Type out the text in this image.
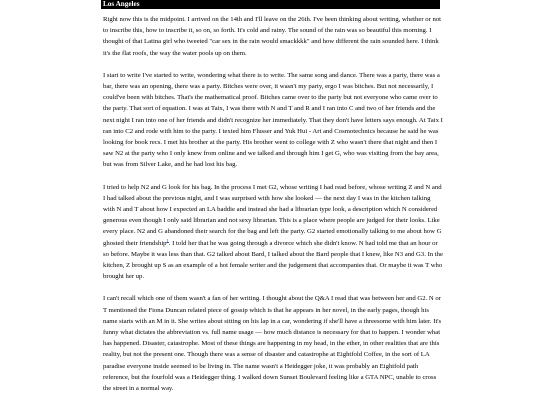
Los Angeles

Right now this is the midpoint. I arrived on the 14th and I'll leave on the 26th. I've been thinking about writing, whether or not to inscribe this, how to inscribe it, so on, so forth. It's cold and rainy. The sound of the rain was so beautiful this morning. I thought of that Latina girl who tweeted "car sex in the rain would smackkkk" and how different the rain sounded here. I think it's the flat roofs, the way the water pools up on them.

I start to write I've started to write, wondering what there is to write. The same song and dance. There was a party, there was a bar, there was an opening, there was a party. Bitches were over, it wasn't my party, ergo I was bitches. But not necessarily, I could've been with bitches. That's the mathematical proof. Bitches came over to the party but not everyone who came over to the party. That sort of equation. I was at Taix, I was there with N and T and R and I ran into C and two of her friends and the next night I ran into one of her friends and didn't recognize her immediately. That they don't have letters says enough. At Taix I ran into C2 and rode with him to the party. I texted him Flusser and Yuk Hui - Art and Cosmotechnics because he said he was looking for book recs. I met his brother at the party. His brother went to college with Z who wasn't there that night and then I saw N2 at the party who I only knew from online and we talked and through him I get G, who was visiting from the bay area, but was from Silver Lake, and he had lost his bag.

I tried to help N2 and G look for his bag. In the process I met G2, whose writing I had read before, whose writing Z and N and I had talked about the previous night, and I was surprised with how she looked — the next day I was in the kitchen talking with N and T about how I expected an LA baddie and instead she had a librarian type look, a description which N considered generous even though I only said librarian and not sexy librarian. This is a place where people are judged for their looks. Like every place. N2 and G abandoned their search for the bag and left the party. G2 started emotionally talking to me about how G ghosted their friendship$^1$. I told her that he was going through a divorce which she didn't know. N had told me that an hour or so before. Maybe it was less than that. G2 talked about Bard, I talked about the Bard people that I knew, like N3 and G3. In the kitchen, Z brought up S as an example of a hot female writer and the judgement that accompanies that. Or maybe it was T who brought her up.

I can't recall which one of them wasn't a fan of her writing. I thought about the Q&A I read that was between her and G2. N or T mentioned the Fiona Duncan related piece of gossip which is that he appears in her novel, in the early pages, though his name starts with an M in it. She writes about sitting on his lap in a car, wondering if she'll have a threesome with him later. It's funny what dictates the abbreviation vs. full name usage — how much distance is necessary for that to happen. I wonder what has happened. Disaster, catastrophe. Most of these things are happening in my head, in the ether, in other realities that are this reality, but not the present one. Though there was a sense of disaster and catastrophe at Eightfold Coffee, in the sort of LA paradise everyone inside seemed to be living in. The name wasn't a Heidegger joke, it was probably an Eightfold path reference, but the fourfold was a Heidegger thing. I walked down Sunset Boulevard feeling like a GTA NPC, unable to cross the street in a normal way.
